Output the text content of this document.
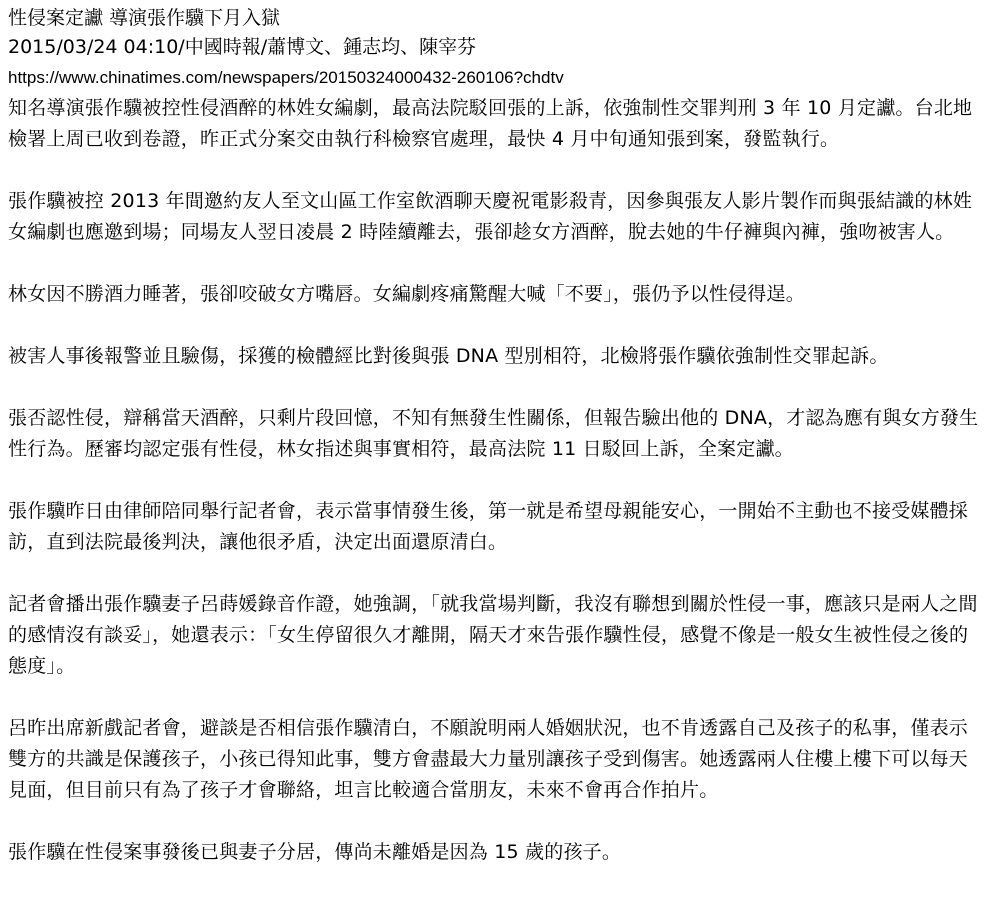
性侵案定讞 導演張作驥下月入獄

2015/03/24 04:10/中國時報/蕭博文、鍾志均、陳宰芬

https://www.chinatimes.com/newspapers/20150324000432-260106?chdtv

知名導演張作驥被控性侵酒醉的林姓女編劇，最高法院駁回張的上訴，依強制性交罪判刑 3 年 10 月定讞。台北地檢署上周已收到卷證，昨正式分案交由執行科檢察官處理，最快 4 月中旬通知張到案，發監執行。

張作驥被控 2013 年間邀約友人至文山區工作室飲酒聊天慶祝電影殺青，因參與張友人影片製作而與張結識的林姓女編劇也應邀到場；同場友人翌日凌晨 2 時陸續離去，張卻趁女方酒醉，脫去她的牛仔褲與內褲，強吻被害人。

林女因不勝酒力睡著，張卻咬破女方嘴唇。女編劇疼痛驚醒大喊「不要」，張仍予以性侵得逞。

被害人事後報警並且驗傷，採獲的檢體經比對後與張 DNA 型別相符，北檢將張作驥依強制性交罪起訴。

張否認性侵，辯稱當天酒醉，只剩片段回憶，不知有無發生性關係，但報告驗出他的 DNA，才認為應有與女方發生性行為。歷審均認定張有性侵，林女指述與事實相符，最高法院 11 日駁回上訴，全案定讞。

張作驥昨日由律師陪同舉行記者會，表示當事情發生後，第一就是希望母親能安心，一開始不主動也不接受媒體採訪，直到法院最後判決，讓他很矛盾，決定出面還原清白。

記者會播出張作驥妻子呂蒔媛錄音作證，她強調，「就我當場判斷，我沒有聯想到關於性侵一事，應該只是兩人之間的感情沒有談妥」，她還表示：「女生停留很久才離開，隔天才來告張作驥性侵，感覺不像是一般女生被性侵之後的態度」。

呂昨出席新戲記者會，避談是否相信張作驥清白，不願說明兩人婚姻狀況，也不肯透露自己及孩子的私事，僅表示雙方的共識是保護孩子，小孩已得知此事，雙方會盡最大力量別讓孩子受到傷害。她透露兩人住樓上樓下可以每天見面，但目前只有為了孩子才會聯絡，坦言比較適合當朋友，未來不會再合作拍片。

張作驥在性侵案事發後已與妻子分居，傳尚未離婚是因為 15 歲的孩子。
